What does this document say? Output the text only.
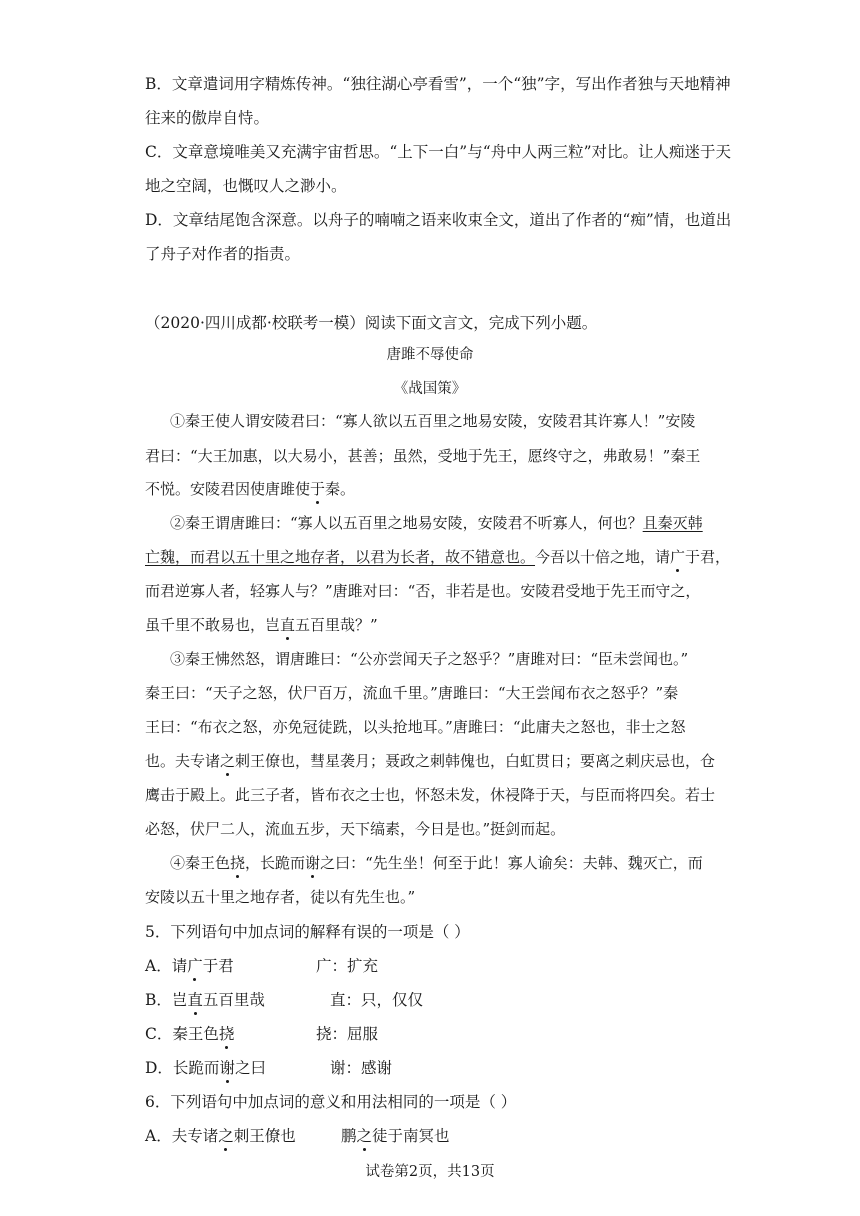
B．文章遣词用字精炼传神。“独往湖心亭看雪”，一个“独”字，写出作者独与天地精神

往来的傲岸自恃。

C．文章意境唯美又充满宇宙哲思。“上下一白”与“舟中人两三粒”对比。让人痴迷于天

地之空阔，也慨叹人之渺小。

D．文章结尾饱含深意。以舟子的喃喃之语来收束全文，道出了作者的“痴”情，也道出

了舟子对作者的指责。

（2020·四川成都·校联考一模）阅读下面文言文，完成下列小题。

唐雎不辱使命

《战国策》

①秦王使人谓安陵君曰：“寡人欲以五百里之地易安陵，安陵君其许寡人！”安陵

君曰：“大王加惠，以大易小，甚善；虽然，受地于先王，愿终守之，弗敢易！”秦王

不悦。安陵君因使唐雎使于秦。

②秦王谓唐雎曰：“寡人以五百里之地易安陵，安陵君不听寡人，何也？且秦灭韩

亡魏，而君以五十里之地存者，以君为长者，故不错意也。今吾以十倍之地，请广于君，

而君逆寡人者，轻寡人与？”唐雎对曰：“否，非若是也。安陵君受地于先王而守之，

虽千里不敢易也，岂直五百里哉？”

③秦王怫然怒，谓唐雎曰：“公亦尝闻天子之怒乎？”唐雎对曰：“臣未尝闻也。”

秦王曰：“天子之怒，伏尸百万，流血千里。”唐雎曰：“大王尝闻布衣之怒乎？”秦

王曰：“布衣之怒，亦免冠徒跣，以头抢地耳。”唐雎曰：“此庸夫之怒也，非士之怒

也。夫专诸之刺王僚也，彗星袭月；聂政之刺韩傀也，白虹贯日；要离之刺庆忌也，仓

鹰击于殿上。此三子者，皆布衣之士也，怀怒未发，休祲降于天，与臣而将四矣。若士

必怒，伏尸二人，流血五步，天下缟素，今日是也。”挺剑而起。

④秦王色挠，长跪而谢之曰：“先生坐！何至于此！寡人谕矣：夫韩、魏灭亡，而

安陵以五十里之地存者，徒以有先生也。”

5．下列语句中加点词的解释有误的一项是（ ）

A．请广于君	广：扩充

B．岂直五百里哉	直：只，仅仅

C．秦王色挠	挠：屈服

D．长跪而谢之曰	谢：感谢

6．下列语句中加点词的意义和用法相同的一项是（ ）

A．夫专诸之刺王僚也	鹏之徒于南冥也

试卷第2页，共13页
